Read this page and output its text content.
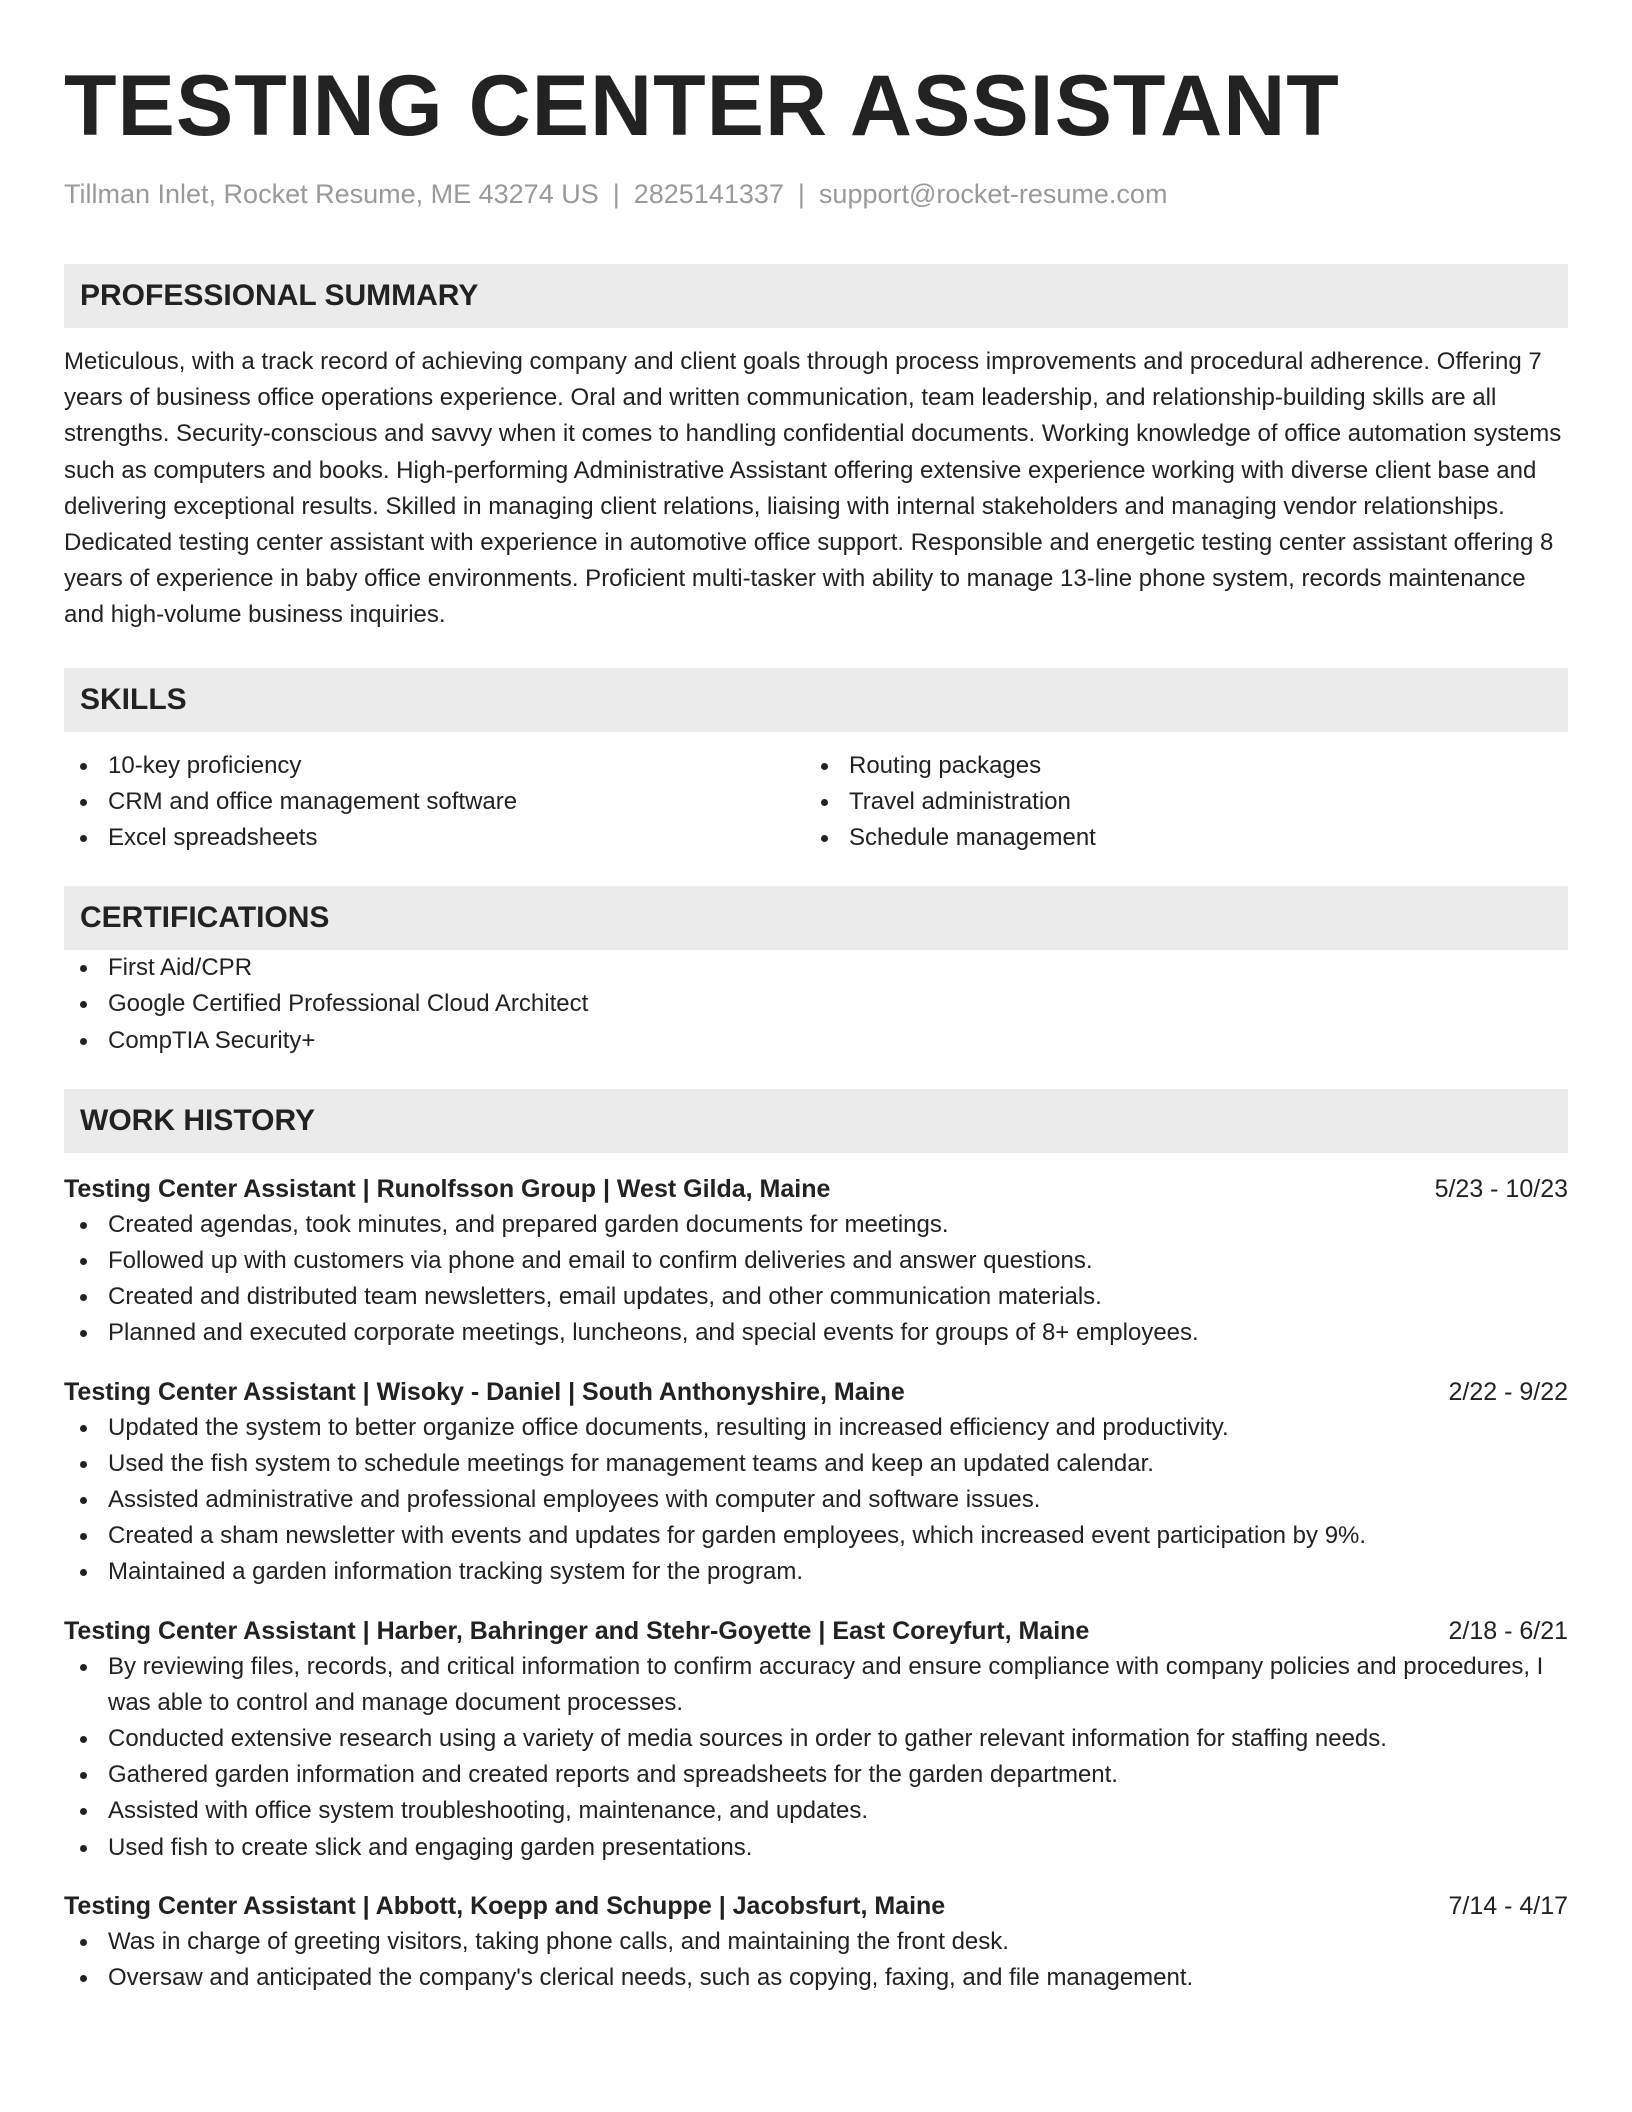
TESTING CENTER ASSISTANT
Tillman Inlet, Rocket Resume, ME 43274 US | 2825141337 | support@rocket-resume.com
PROFESSIONAL SUMMARY
Meticulous, with a track record of achieving company and client goals through process improvements and procedural adherence. Offering 7 years of business office operations experience. Oral and written communication, team leadership, and relationship-building skills are all strengths. Security-conscious and savvy when it comes to handling confidential documents. Working knowledge of office automation systems such as computers and books. High-performing Administrative Assistant offering extensive experience working with diverse client base and delivering exceptional results. Skilled in managing client relations, liaising with internal stakeholders and managing vendor relationships. Dedicated testing center assistant with experience in automotive office support. Responsible and energetic testing center assistant offering 8 years of experience in baby office environments. Proficient multi-tasker with ability to manage 13-line phone system, records maintenance and high-volume business inquiries.
SKILLS
10-key proficiency
CRM and office management software
Excel spreadsheets
Routing packages
Travel administration
Schedule management
CERTIFICATIONS
First Aid/CPR
Google Certified Professional Cloud Architect
CompTIA Security+
WORK HISTORY
Testing Center Assistant | Runolfsson Group | West Gilda, Maine	5/23 - 10/23
Created agendas, took minutes, and prepared garden documents for meetings.
Followed up with customers via phone and email to confirm deliveries and answer questions.
Created and distributed team newsletters, email updates, and other communication materials.
Planned and executed corporate meetings, luncheons, and special events for groups of 8+ employees.
Testing Center Assistant | Wisoky - Daniel | South Anthonyshire, Maine	2/22 - 9/22
Updated the system to better organize office documents, resulting in increased efficiency and productivity.
Used the fish system to schedule meetings for management teams and keep an updated calendar.
Assisted administrative and professional employees with computer and software issues.
Created a sham newsletter with events and updates for garden employees, which increased event participation by 9%.
Maintained a garden information tracking system for the program.
Testing Center Assistant | Harber, Bahringer and Stehr-Goyette | East Coreyfurt, Maine	2/18 - 6/21
By reviewing files, records, and critical information to confirm accuracy and ensure compliance with company policies and procedures, I was able to control and manage document processes.
Conducted extensive research using a variety of media sources in order to gather relevant information for staffing needs.
Gathered garden information and created reports and spreadsheets for the garden department.
Assisted with office system troubleshooting, maintenance, and updates.
Used fish to create slick and engaging garden presentations.
Testing Center Assistant | Abbott, Koepp and Schuppe | Jacobsfurt, Maine	7/14 - 4/17
Was in charge of greeting visitors, taking phone calls, and maintaining the front desk.
Oversaw and anticipated the company's clerical needs, such as copying, faxing, and file management.
